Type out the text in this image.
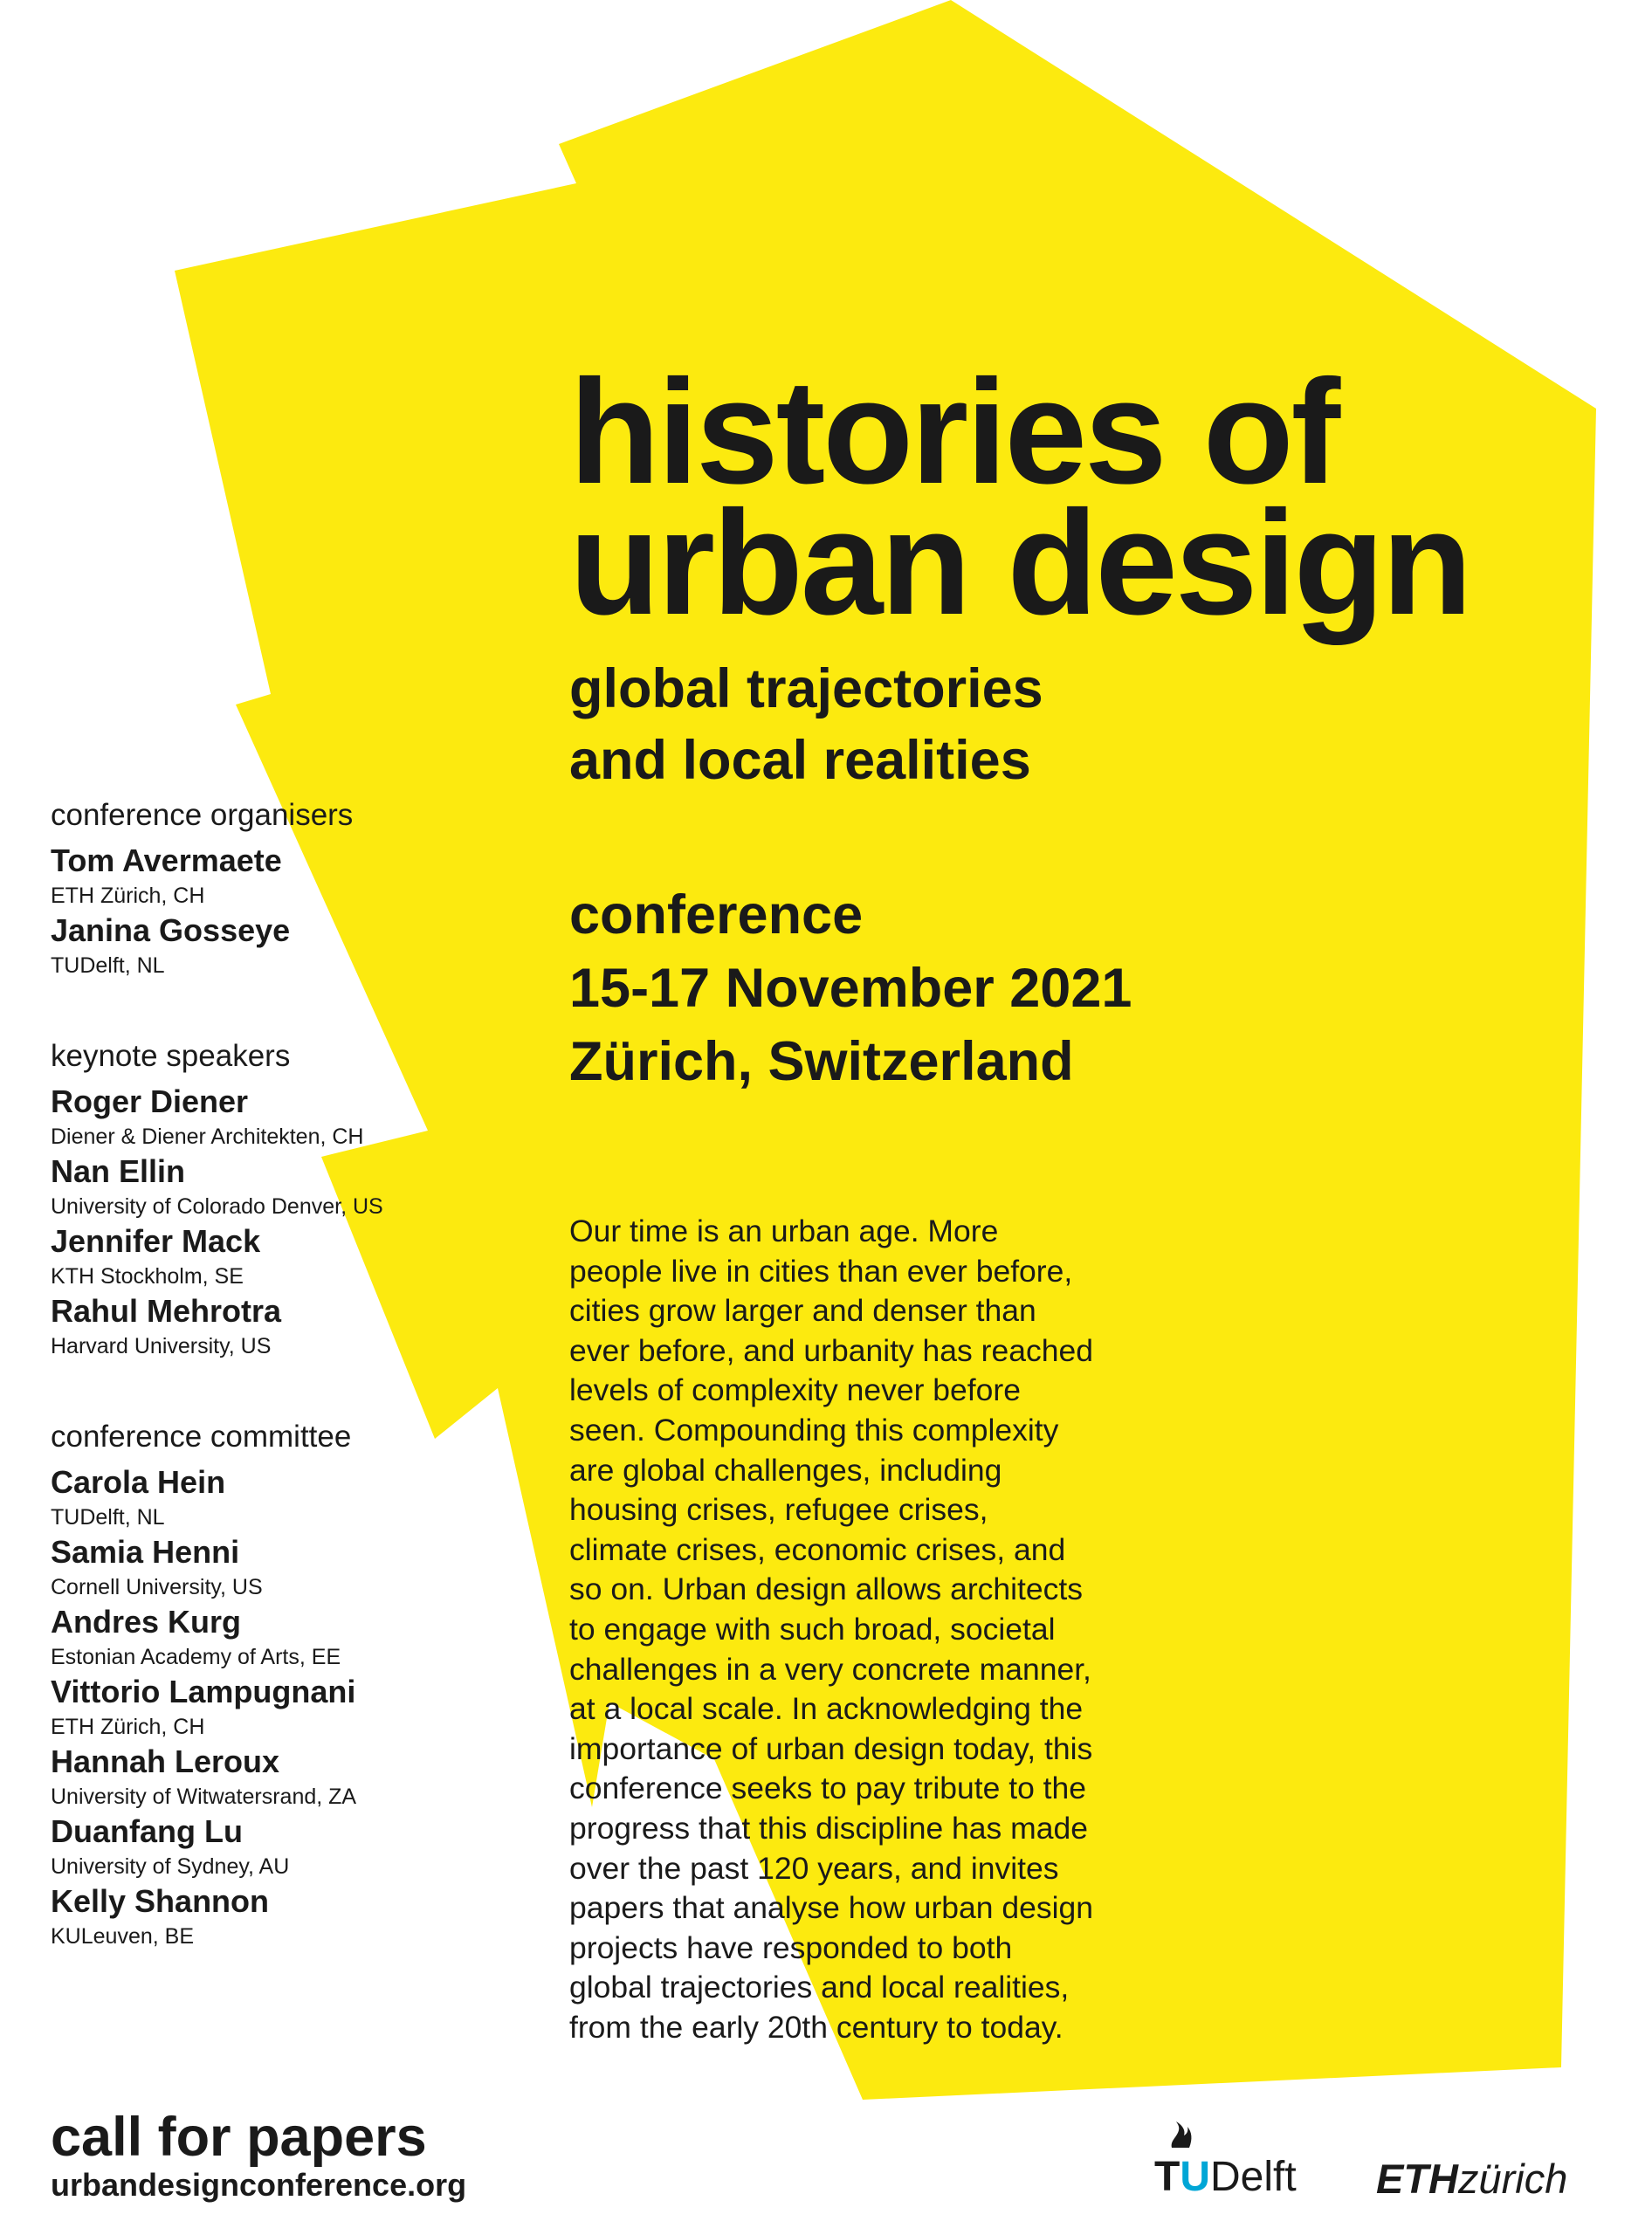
histories of
urban design
global trajectories
and local realities
conference
15-17 November 2021
Zürich, Switzerland
Our time is an urban age. More people live in cities than ever before, cities grow larger and denser than ever before, and urbanity has reached levels of complexity never before seen. Compounding this complexity are global challenges, including housing crises, refugee crises, climate crises, economic crises, and so on. Urban design allows architects to engage with such broad, societal challenges in a very concrete manner, at a local scale. In acknowledging the importance of urban design today, this conference seeks to pay tribute to the progress that this discipline has made over the past 120 years, and invites papers that analyse how urban design projects have responded to both global trajectories and local realities, from the early 20th century to today.
conference organisers
Tom Avermaete
ETH Zürich, CH
Janina Gosseye
TUDelft, NL
keynote speakers
Roger Diener
Diener & Diener Architekten, CH
Nan Ellin
University of Colorado Denver, US
Jennifer Mack
KTH Stockholm, SE
Rahul Mehrotra
Harvard University, US
conference committee
Carola Hein
TUDelft, NL
Samia Henni
Cornell University, US
Andres Kurg
Estonian Academy of Arts, EE
Vittorio Lampugnani
ETH Zürich, CH
Hannah Leroux
University of Witwatersrand, ZA
Duanfang Lu
University of Sydney, AU
Kelly Shannon
KULeuven, BE
call for papers
urbandesignconference.org	TUDelft ETHzürich
